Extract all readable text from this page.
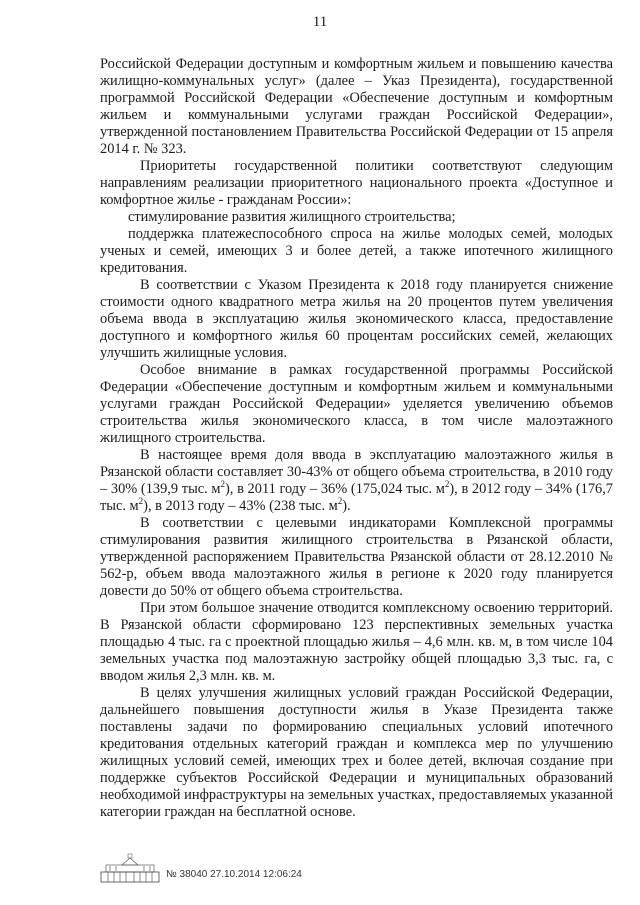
11

Российской Федерации доступным и комфортным жильем и повышению качества жилищно-коммунальных услуг» (далее – Указ Президента), государственной программой Российской Федерации «Обеспечение доступным и комфортным жильем и коммунальными услугами граждан Российской Федерации», утвержденной постановлением Правительства Российской Федерации от 15 апреля 2014 г. № 323.

Приоритеты государственной политики соответствуют следующим направлениям реализации приоритетного национального проекта «Доступное и комфортное жилье - гражданам России»:

стимулирование развития жилищного строительства;

поддержка платежеспособного спроса на жилье молодых семей, молодых ученых и семей, имеющих 3 и более детей, а также ипотечного жилищного кредитования.

В соответствии с Указом Президента к 2018 году планируется снижение стоимости одного квадратного метра жилья на 20 процентов путем увеличения объема ввода в эксплуатацию жилья экономического класса, предоставление доступного и комфортного жилья 60 процентам российских семей, желающих улучшить жилищные условия.

Особое внимание в рамках государственной программы Российской Федерации «Обеспечение доступным и комфортным жильем и коммунальными услугами граждан Российской Федерации» уделяется увеличению объемов строительства жилья экономического класса, в том числе малоэтажного жилищного строительства.

В настоящее время доля ввода в эксплуатацию малоэтажного жилья в Рязанской области составляет 30-43% от общего объема строительства, в 2010 году – 30% (139,9 тыс. $м^2$), в 2011 году – 36% (175,024 тыс. $м^2$), в 2012 году – 34% (176,7 тыс. $м^2$), в 2013 году – 43% (238 тыс. $м^2$).

В соответствии с целевыми индикаторами Комплексной программы стимулирования развития жилищного строительства в Рязанской области, утвержденной распоряжением Правительства Рязанской области от 28.12.2010 № 562-р, объем ввода малоэтажного жилья в регионе к 2020 году планируется довести до 50% от общего объема строительства.

При этом большое значение отводится комплексному освоению территорий. В Рязанской области сформировано 123 перспективных земельных участка площадью 4 тыс. га с проектной площадью жилья – 4,6 млн. кв. м, в том числе 104 земельных участка под малоэтажную застройку общей площадью 3,3 тыс. га, с вводом жилья 2,3 млн. кв. м.

В целях улучшения жилищных условий граждан Российской Федерации, дальнейшего повышения доступности жилья в Указе Президента также поставлены задачи по формированию специальных условий ипотечного кредитования отдельных категорий граждан и комплекса мер по улучшению жилищных условий семей, имеющих трех и более детей, включая создание при поддержке субъектов Российской Федерации и муниципальных образований необходимой инфраструктуры на земельных участках, предоставляемых указанной категории граждан на бесплатной основе.

№ 38040 27.10.2014 12:06:24
